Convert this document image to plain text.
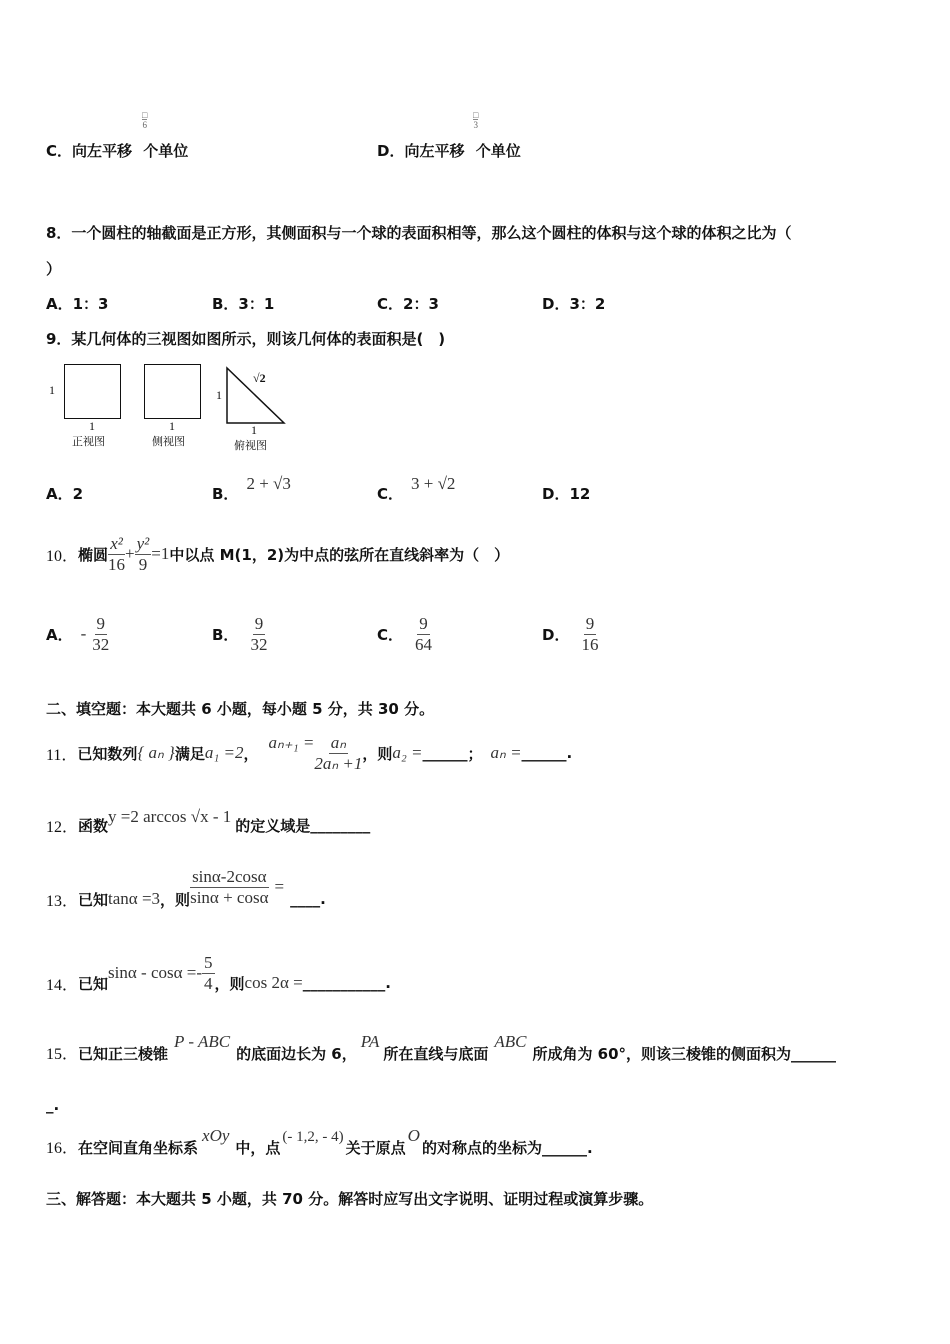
C．向左平移
□
6
个单位	D．向左平移
□
3
个单位
8．一个圆柱的轴截面是正方形，其侧面积与一个球的表面积相等，那么这个圆柱的体积与这个球的体积之比为（
）
A．1：3	B．3：1	C．2：3	D．3：2
9．某几何体的三视图如图所示，则该几何体的表面积是(　)
1
1
正视图
1
侧视图
1
√2
1
俯视图
A．2	B．2 + √3
C．3 + √2
D．12
10． 椭圆 $\frac{\text{x²}}{16} + \frac{\text{y²}}{9} =1$ 中以点 M(1，2)为中点的弦所在直线斜率为（　）
A． - $\frac{9}{32}$	B． $\frac{9}{32}$	C． $\frac{9}{64}$	D． $\frac{9}{16}$
二、填空题：本大题共 6 小题，每小题 5 分，共 30 分。
11． 已知数列 { aₙ } 满足 a₁ =2 ，
$a_{n+1} = \frac{\text{aₙ}}{\text{2aₙ +1}}$ ，则 a₂ = ______ ； aₙ = ______ .
12． 函数 y =2 arccos √x - 1 的定义域是 ________
13． 已知 tanα =3 ，则 $\frac{\sin\alpha-2\cos\alpha}{\sin\alpha + \cos\alpha}$ =
____ .
14． 已知
$\sin\alpha - \cos\alpha =- \frac{5}{4}$ ，则 cos 2α = ___________ .
15． 已知正三棱锥
P - ABC
的底面边长为 6，
PA
所在直线与底面
ABC
所成角为 60°，则该三棱锥的侧面积为______
_.
16． 在空间直角坐标系
xOy
中，点
(- 1,2, - 4)
关于原点
O
的对称点的坐标为______.
三、解答题：本大题共 5 小题，共 70 分。解答时应写出文字说明、证明过程或演算步骤。
